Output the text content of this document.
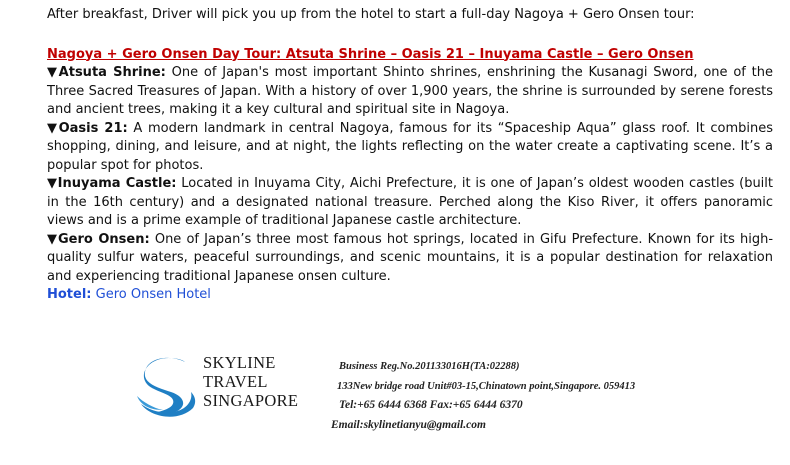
After breakfast, Driver will pick you up from the hotel to start a full-day Nagoya + Gero Onsen tour:

Nagoya + Gero Onsen Day Tour: Atsuta Shrine – Oasis 21 – Inuyama Castle – Gero Onsen

▼Atsuta Shrine: One of Japan's most important Shinto shrines, enshrining the Kusanagi Sword, one of the Three Sacred Treasures of Japan. With a history of over 1,900 years, the shrine is surrounded by serene forests and ancient trees, making it a key cultural and spiritual site in Nagoya.

▼Oasis 21: A modern landmark in central Nagoya, famous for its “Spaceship Aqua” glass roof. It combines shopping, dining, and leisure, and at night, the lights reflecting on the water create a captivating scene. It’s a popular spot for photos.

▼Inuyama Castle: Located in Inuyama City, Aichi Prefecture, it is one of Japan’s oldest wooden castles (built in the 16th century) and a designated national treasure. Perched along the Kiso River, it offers panoramic views and is a prime example of traditional Japanese castle architecture.

▼Gero Onsen: One of Japan’s three most famous hot springs, located in Gifu Prefecture. Known for its high-quality sulfur waters, peaceful surroundings, and scenic mountains, it is a popular destination for relaxation and experiencing traditional Japanese onsen culture.

Hotel: Gero Onsen Hotel

SKYLINE
TRAVEL
SINGAPORE
Business Reg.No.201133016H(TA:02288)
133New bridge road Unit#03-15,Chinatown point,Singapore. 059413
Tel:+65 6444 6368 Fax:+65 6444 6370
Email:skylinetianyu@gmail.com
